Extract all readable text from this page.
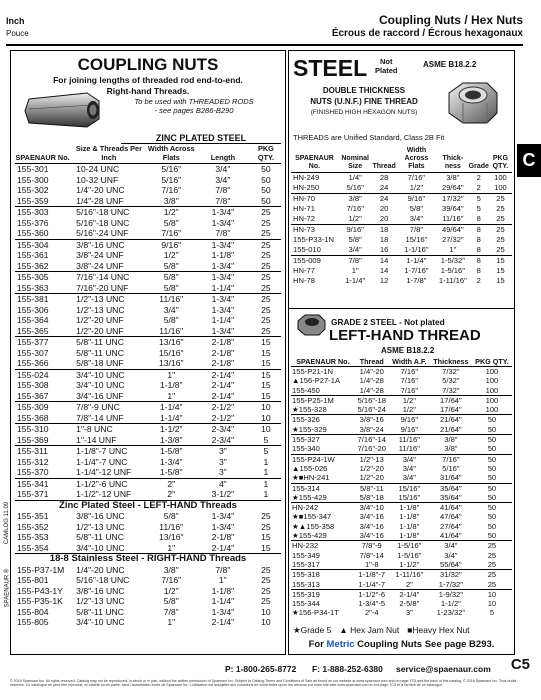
Inch
Pouce
Coupling Nuts / Hex Nuts
Écrous de raccord / Écrous hexagonaux
C
CAMLOG 11.09
SPAENAUR ®
COUPLING NUTS
For joining lengths of threaded rod end-to-end.
Right-hand Threads.
To be used with THREADED RODS
- see pages B286-B290
ZINC PLATED STEEL
SPAENAUR No.	Size & Threads Per Inch	Width Across Flats	Length	PKG QTY.
155-301	10-24 UNC	5/16"	3/4"	50
155-300	10-32 UNF	5/16"	3/4"	50
155-302	1/4"-20 UNC	7/16"	7/8"	50
155-359	1/4"-28 UNF	3/8"	7/8"	50
155-303	5/16"-18 UNC	1/2"	1-3/4"	25
155-376	5/16"-18 UNC	5/8"	1-3/4"	25
155-360	5/16"-24 UNF	7/16"	7/8"	25
155-304	3/8"-16 UNC	9/16"	1-3/4"	25
155-361	3/8"-24 UNF	1/2"	1-1/8"	25
155-362	3/8"-24 UNF	5/8"	1-3/4"	25
155-305	7/16"-14 UNC	5/8"	1-3/4"	25
155-363	7/16"-20 UNF	5/8"	1-1/4"	25
155-381	1/2"-13 UNC	11/16"	1-3/4"	25
155-306	1/2"-13 UNC	3/4"	1-3/4"	25
155-364	1/2"-20 UNF	5/8"	1-1/4"	25
155-365	1/2"-20 UNF	11/16"	1-3/4"	25
155-377	5/8"-11 UNC	13/16"	2-1/8"	15
155-307	5/8"-11 UNC	15/16"	2-1/8"	15
155-366	5/8"-18 UNF	13/16"	2-1/8"	15
155-024	3/4"-10 UNC	1"	2-1/4"	15
155-308	3/4"-10 UNC	1-1/8"	2-1/4"	15
155-367	3/4"-16 UNF	1"	2-1/4"	15
155-309	7/8"-9 UNC	1-1/4"	2-1/2"	10
155-368	7/8"-14 UNF	1-1/4"	2-1/2"	10
155-310	1"-8 UNC	1-1/2"	2-3/4"	10
155-369	1"-14 UNF	1-3/8"	2-3/4"	5
155-311	1-1/8"-7 UNC	1-5/8"	3"	5
155-312	1-1/4"-7 UNC	1-3/4"	3"	1
155-370	1-1/4"-12 UNF	1-5/8"	3"	1
155-341	1-1/2"-6 UNC	2"	4"	1
155-371	1-1/2"-12 UNF	2"	3-1/2"	1
Zinc Plated Steel - LEFT-HAND Threads				
155-351	3/8"-16 UNC	5/8"	1-3/4"	25
155-352	1/2"-13 UNC	11/16"	1-3/4"	25
155-353	5/8"-11 UNC	13/16"	2-1/8"	15
155-354	3/4"-10 UNC	1"	2-1/4"	15
18-8 Stainless Steel - RIGHT-HAND Threads				
155-P37-1M	1/4"-20 UNC	3/8"	7/8"	25
155-801	5/16"-18 UNC	7/16"	1"	25
155-P43-1Y	3/8"-16 UNC	1/2"	1-1/8"	25
155-P35-1K	1/2"-13 UNC	5/8"	1-1/4"	25
155-804	5/8"-11 UNC	7/8"	1-3/4"	10
155-805	3/4"-10 UNC	1"	2-1/4"	10
STEEL	Not
Plated
ASME B18.2.2
DOUBLE THICKNESS
NUTS (U.N.F.) FINE THREAD
(FINISHED HIGH HEXAGON NUTS)
THREADS are Unified Standard, Class 2B Fit
SPAENAUR No.	Nominal Size	Thread	Width Across Flats	Thick-ness	Grade	PKG QTY.
HN-249	1/4"	28	7/16"	3/8"	2	100
HN-250	5/16"	24	1/2"	29/64"	2	100
HN-70	3/8"	24	9/16"	17/32"	5	25
HN-71	7/16"	20	5/8"	39/64"	5	25
HN-72	1/2"	20	3/4"	11/16"	8	25
HN-73	9/16"	18	7/8"	49/64"	8	25
155-P33-1N	5/8"	18	15/16"	27/32"	8	25
155-010	3/4"	16	1-1/16"	1"	8	25
155-009	7/8"	14	1-1/4"	1-5/32"	8	15
HN-77	1"	14	1-7/16"	1-5/16"	8	15
HN-78	1-1/4"	12	1-7/8"	1-11/16"	2	15
GRADE 2 STEEL - Not plated
LEFT-HAND THREAD
ASME B18.2.2
SPAENAUR No.	Thread	Width A.F.	Thickness	PKG QTY.
155-P21-1N	1/4"-20	7/16"	7/32"	100
▲156-P27-1A	1/4"-28	7/16"	5/32"	100
155-450	1/4"-28	7/16"	7/32"	100
155-P25-1M	5/16"-18	1/2"	17/64"	100
★155-328	5/16"-24	1/2"	17/64"	100
155-326	3/8"-16	9/16"	21/64"	50
★155-329	3/8"-24	9/16"	21/64"	50
155-327	7/16"-14	11/16"	3/8"	50
155-340	7/16"-20	11/16"	3/8"	50
155-P24-1W	1/2"-13	3/4"	7/16"	50
▲155-026	1/2"-20	3/4"	5/16"	50
★■HN-241	1/2"-20	3/4"	31/64"	50
155-314	5/8"-11	15/16"	35/64"	50
★155-429	5/8"-18	15/16"	35/64"	50
HN-242	3/4"-10	1-1/8"	41/64"	50
★■155-347	3/4"-16	1-1/8"	47/64"	50
★▲155-358	3/4"-16	1-1/8"	27/64"	50
★155-429	3/4"-16	1-1/8"	41/64"	50
HN-232	7/8"-9	1-5/16"	3/4"	25
155-349	7/8"-14	1-5/16"	3/4"	25
155-317	1"-8	1-1/2"	55/64"	25
155-318	1-1/8"-7	1-11/16"	31/32"	25
155-313	1-1/4"-7	2"	1-7/32"	25
155-319	1-1/2"-6	2-1/4"	1-9/32"	10
155-344	1-3/4"-5	2-5/8"	1-1/2"	10
★156-P34-1T	2"-4	3"	1-23/32"	5
★Grade 5 ▲ Hex Jam Nut ■Heavy Hex Nut
For Metric Coupling Nuts See page B293.
P: 1-800-265-8772 F: 1-888-252-6380 service@spaenaur.com C5
© 2018 Spaenaur Inc. All rights reserved. Catalog may not be reproduced, in whole or in part, without the written permission of Spaenaur Inc. Subject to Catalog Terms and Conditions of Sale as found on our website at www.spaenaur.com and on page TC5 and the back of this catalog. © 2018 Spaenaur Inc. Tous droits réservés. Ce catalogue ne peut être reproduit, en totalité ou en partie, sans l'autorisation écrite de Spaenaur Inc. L'utilisation est assujettie aux conditions de vente telles qu'on les retrouve sur notre site web www.spaenaur.com et à la page TC5 et à l'arrière de ce catalogue.
